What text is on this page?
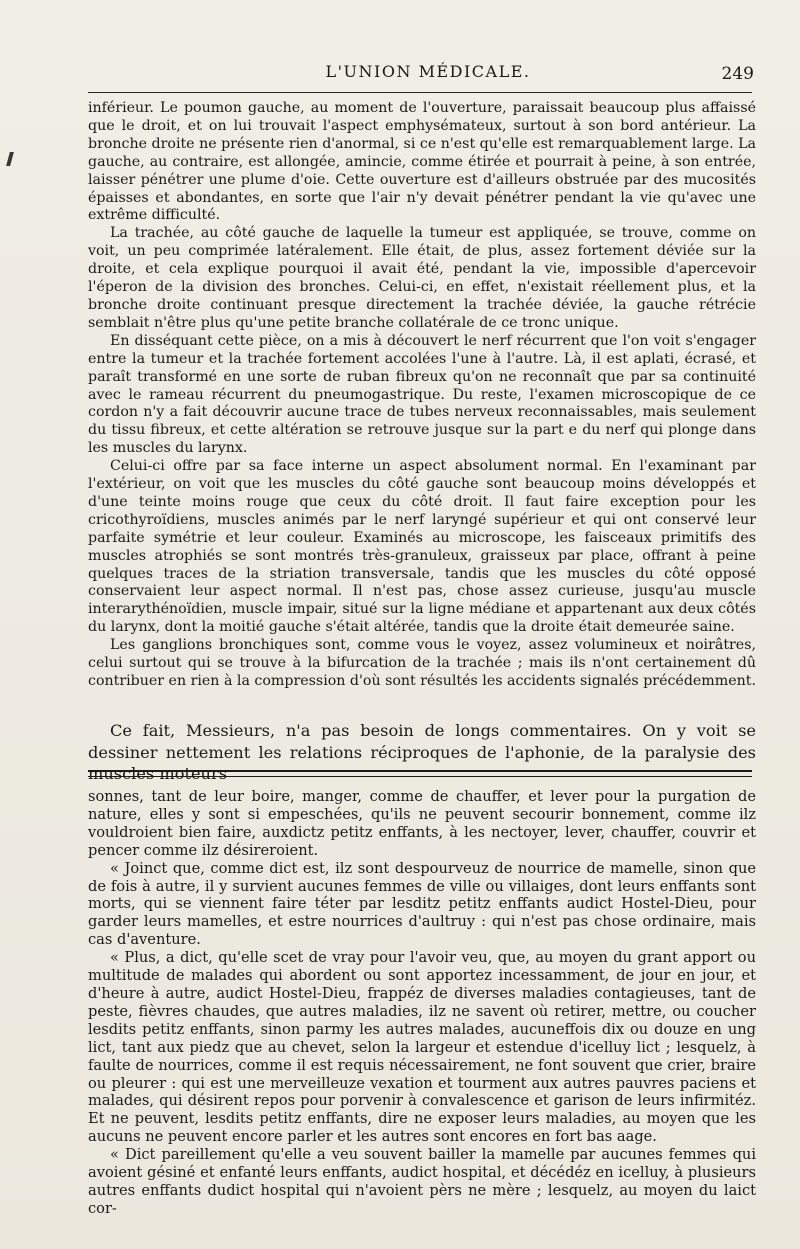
L'UNION MÉDICALE.	249

inférieur. Le poumon gauche, au moment de l'ouverture, paraissait beaucoup plus affaissé que le droit, et on lui trouvait l'aspect emphysémateux, surtout à son bord antérieur. La bronche droite ne présente rien d'anormal, si ce n'est qu'elle est remarquablement large. La gauche, au contraire, est allongée, amincie, comme étirée et pourrait à peine, à son entrée, laisser pénétrer une plume d'oie. Cette ouverture est d'ailleurs obstruée par des mucosités épaisses et abondantes, en sorte que l'air n'y devait pénétrer pendant la vie qu'avec une extrême difficulté.

La trachée, au côté gauche de laquelle la tumeur est appliquée, se trouve, comme on voit, un peu comprimée latéralement. Elle était, de plus, assez fortement déviée sur la droite, et cela explique pourquoi il avait été, pendant la vie, impossible d'apercevoir l'éperon de la division des bronches. Celui-ci, en effet, n'existait réellement plus, et la bronche droite continuant presque directement la trachée déviée, la gauche rétrécie semblait n'être plus qu'une petite branche collatérale de ce tronc unique.

En disséquant cette pièce, on a mis à découvert le nerf récurrent que l'on voit s'engager entre la tumeur et la trachée fortement accolées l'une à l'autre. Là, il est aplati, écrasé, et paraît transformé en une sorte de ruban fibreux qu'on ne reconnaît que par sa continuité avec le rameau récurrent du pneumogastrique. Du reste, l'examen microscopique de ce cordon n'y a fait découvrir aucune trace de tubes nerveux reconnaissables, mais seulement du tissu fibreux, et cette altération se retrouve jusque sur la part e du nerf qui plonge dans les muscles du larynx.

Celui-ci offre par sa face interne un aspect absolument normal. En l'examinant par l'extérieur, on voit que les muscles du côté gauche sont beaucoup moins développés et d'une teinte moins rouge que ceux du côté droit. Il faut faire exception pour les cricothyroïdiens, muscles animés par le nerf laryngé supérieur et qui ont conservé leur parfaite symétrie et leur couleur. Examinés au microscope, les faisceaux primitifs des muscles atrophiés se sont montrés très-granuleux, graisseux par place, offrant à peine quelques traces de la striation transversale, tandis que les muscles du côté opposé conservaient leur aspect normal. Il n'est pas, chose assez curieuse, jusqu'au muscle interarythénoïdien, muscle impair, situé sur la ligne médiane et appartenant aux deux côtés du larynx, dont la moitié gauche s'était altérée, tandis que la droite était demeurée saine.

Les ganglions bronchiques sont, comme vous le voyez, assez volumineux et noirâtres, celui surtout qui se trouve à la bifurcation de la trachée ; mais ils n'ont certainement dû contribuer en rien à la compression d'où sont résultés les accidents signalés précédemment.

Ce fait, Messieurs, n'a pas besoin de longs commentaires. On y voit se dessiner nettement les relations réciproques de l'aphonie, de la paralysie des muscles moteurs

sonnes, tant de leur boire, manger, comme de chauffer, et lever pour la purgation de nature, elles y sont si empeschées, qu'ils ne peuvent secourir bonnement, comme ilz vouldroient bien faire, auxdictz petitz enffants, à les nectoyer, lever, chauffer, couvrir et pencer comme ilz désireroient.

« Joinct que, comme dict est, ilz sont despourveuz de nourrice de mamelle, sinon que de fois à autre, il y survient aucunes femmes de ville ou villaiges, dont leurs enffants sont morts, qui se viennent faire téter par lesditz petitz enffants audict Hostel-Dieu, pour garder leurs mamelles, et estre nourrices d'aultruy : qui n'est pas chose ordinaire, mais cas d'aventure.

« Plus, a dict, qu'elle scet de vray pour l'avoir veu, que, au moyen du grant apport ou multitude de malades qui abordent ou sont apportez incessamment, de jour en jour, et d'heure à autre, audict Hostel-Dieu, frappéz de diverses maladies contagieuses, tant de peste, fièvres chaudes, que autres maladies, ilz ne savent où retirer, mettre, ou coucher lesdits petitz enffants, sinon parmy les autres malades, aucuneffois dix ou douze en ung lict, tant aux piedz que au chevet, selon la largeur et estendue d'icelluy lict ; lesquelz, à faulte de nourrices, comme il est requis nécessairement, ne font souvent que crier, braire ou pleurer : qui est une merveilleuze vexation et tourment aux autres pauvres paciens et malades, qui désirent repos pour porvenir à convalescence et garison de leurs infirmitéz. Et ne peuvent, lesdits petitz enffants, dire ne exposer leurs maladies, au moyen que les aucuns ne peuvent encore parler et les autres sont encores en fort bas aage.

« Dict pareillement qu'elle a veu souvent bailler la mamelle par aucunes femmes qui avoient gésiné et enfanté leurs enffants, audict hospital, et décédéz en icelluy, à plusieurs autres enffants dudict hospital qui n'avoient pèrs ne mère ; lesquelz, au moyen du laict cor-
